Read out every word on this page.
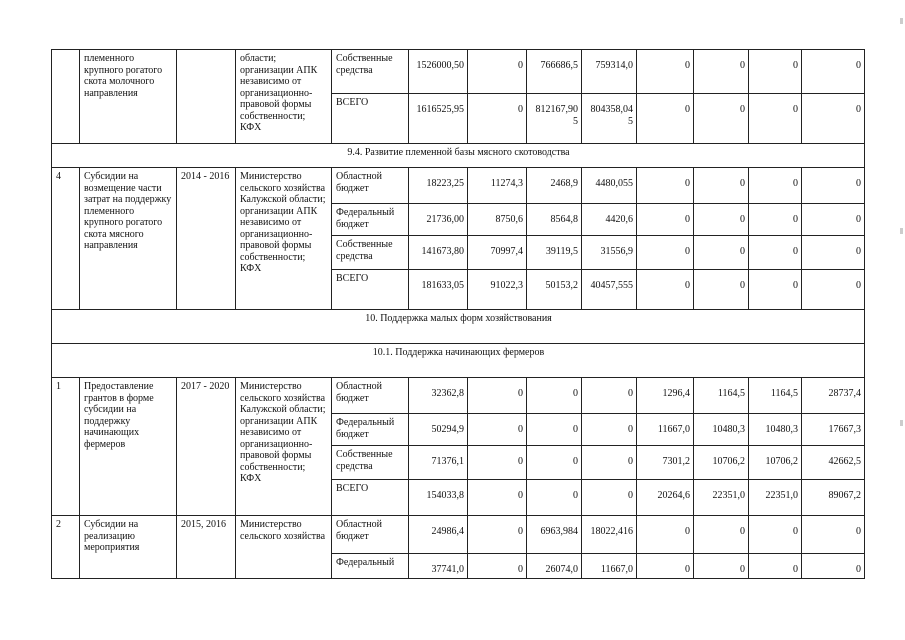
	племенного крупного рогатого скота молочного направления		области; организации АПК независимо от организационно-правовой формы собственности; КФХ	Собственные средства	1526000,50	0	766686,5	759314,0	0	0	0	0
				ВСЕГО	1616525,95	0	812167,905	804358,045	0	0	0	0
9.4. Развитие племенной базы мясного скотоводства												
4	Субсидии на возмещение части затрат на поддержку племенного крупного рогатого скота мясного направления	2014 - 2016	Министерство сельского хозяйства Калужской области; организации АПК независимо от организационно-правовой формы собственности; КФХ	Областной бюджет	18223,25	11274,3	2468,9	4480,055	0	0	0	0
				Федеральный бюджет	21736,00	8750,6	8564,8	4420,6	0	0	0	0
				Собственные средства	141673,80	70997,4	39119,5	31556,9	0	0	0	0
				ВСЕГО	181633,05	91022,3	50153,2	40457,555	0	0	0	0
10. Поддержка малых форм хозяйствования												
10.1. Поддержка начинающих фермеров												
1	Предоставление грантов в форме субсидии на поддержку начинающих фермеров	2017 - 2020	Министерство сельского хозяйства Калужской области; организации АПК независимо от организационно-правовой формы собственности; КФХ	Областной бюджет	32362,8	0	0	0	1296,4	1164,5	1164,5	28737,4
				Федеральный бюджет	50294,9	0	0	0	11667,0	10480,3	10480,3	17667,3
				Собственные средства	71376,1	0	0	0	7301,2	10706,2	10706,2	42662,5
				ВСЕГО	154033,8	0	0	0	20264,6	22351,0	22351,0	89067,2
2	Субсидии на реализацию мероприятия	2015, 2016	Министерство сельского хозяйства	Областной бюджет	24986,4	0	6963,984	18022,416	0	0	0	0
				Федеральный	37741,0	0	26074,0	11667,0	0	0	0	0
